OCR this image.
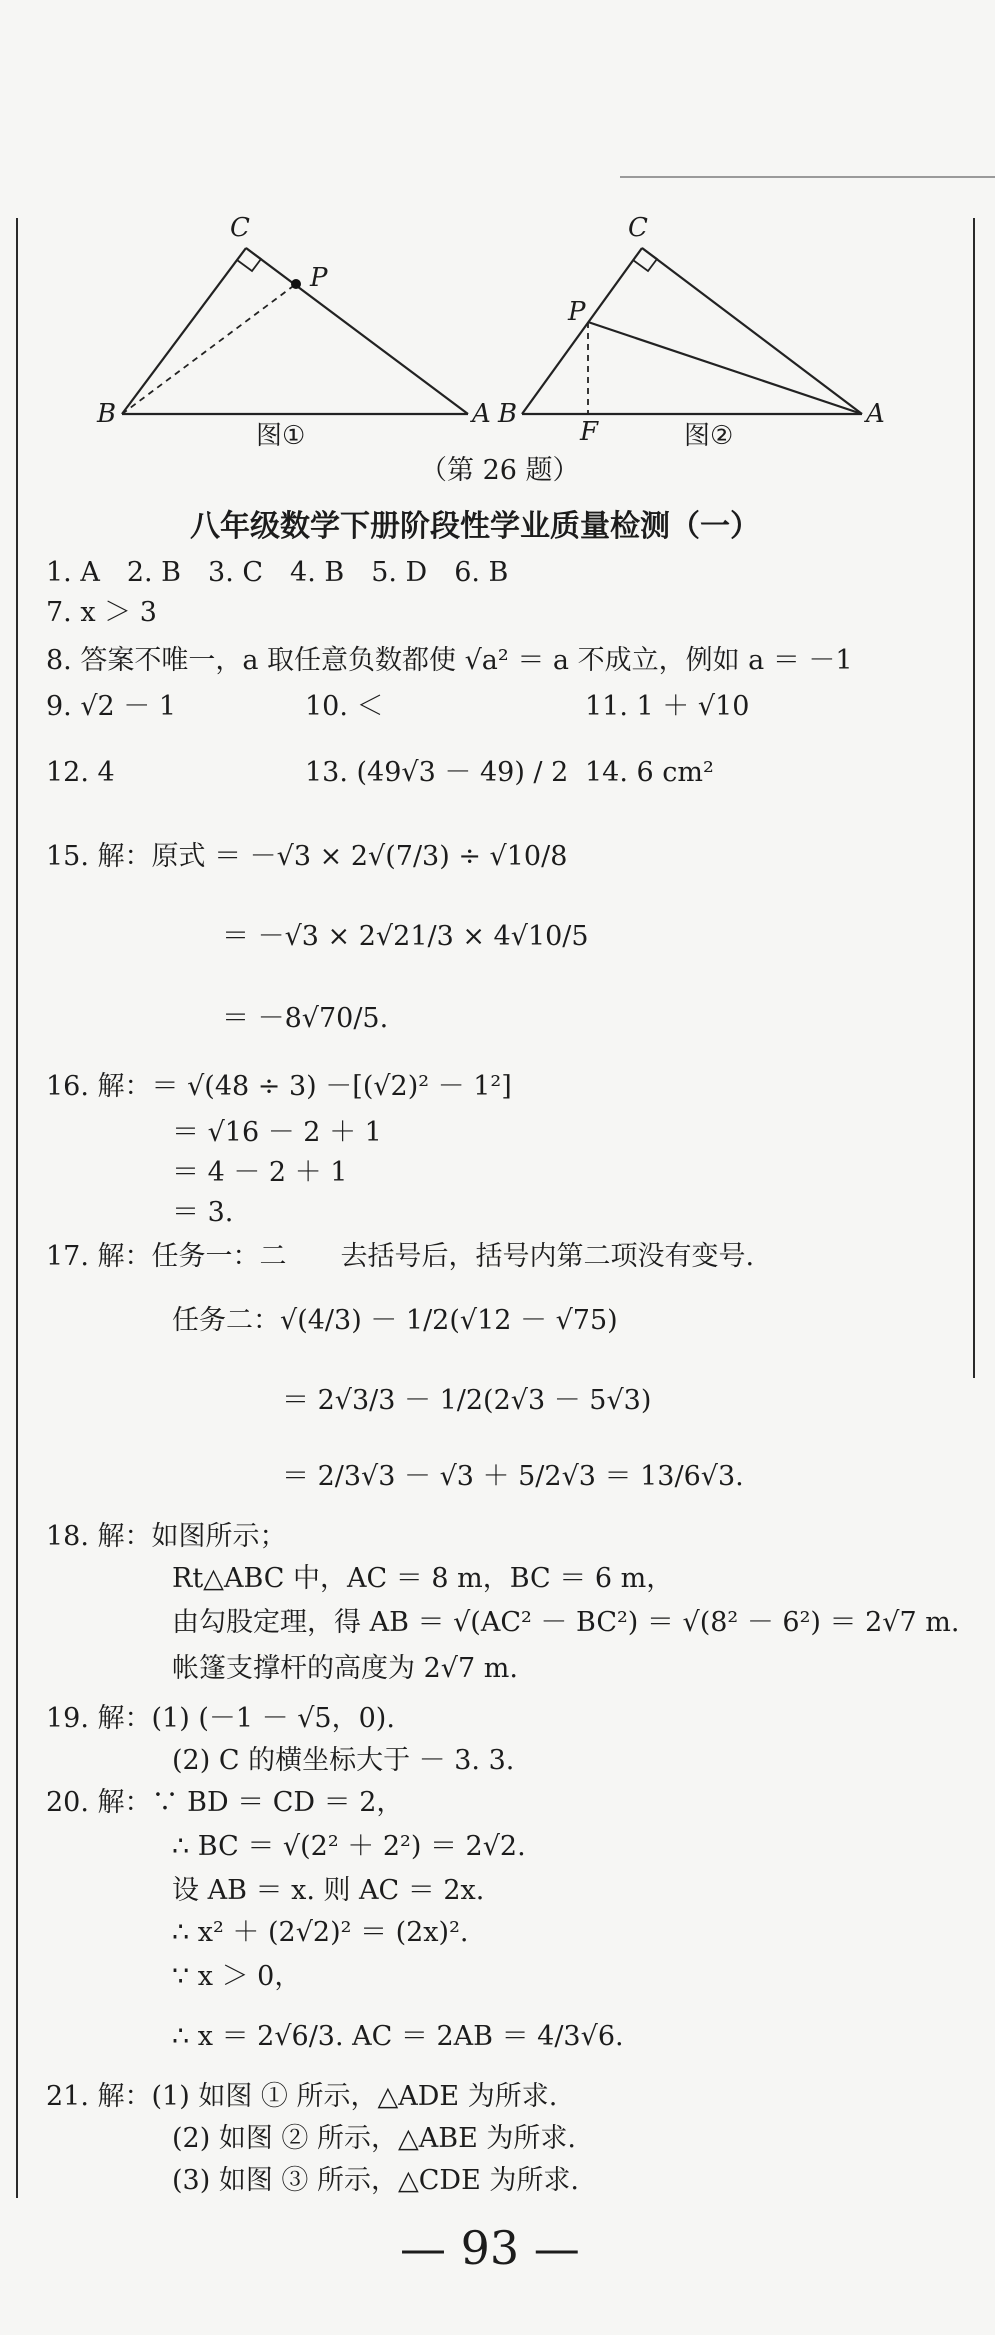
C
P
B	A
图①
C
P
B
F
A
图②
（第 26 题）
八年级数学下册阶段性学业质量检测（一）
1. A　2. B　3. C　4. B　5. D　6. B
7. x ＞ 3
8. 答案不唯一，a 取任意负数都使 √a² ＝ a 不成立，例如 a ＝ －1
9. √2 － 1	10. ＜	11. 1 ＋ √10
12. 4	13. (49√3 － 49) / 2 14. 6 cm²
15. 解：原式 ＝ －√3 × 2√(7/3) ÷ √10/8
＝ －√3 × 2√21/3 × 4√10/5
＝ －8√70/5.
16. 解：＝ √(48 ÷ 3) －[(√2)² － 1²]
＝ √16 － 2 ＋ 1
＝ 4 － 2 ＋ 1
＝ 3.
17. 解：任务一：二　　去括号后，括号内第二项没有变号.
任务二：√(4/3) － 1/2(√12 － √75)
＝ 2√3/3 － 1/2(2√3 － 5√3)
＝ 2/3√3 － √3 ＋ 5/2√3 ＝ 13/6√3.
18. 解：如图所示；
Rt△ABC 中，AC ＝ 8 m，BC ＝ 6 m，
由勾股定理，得 AB ＝ √(AC² － BC²) ＝ √(8² － 6²) ＝ 2√7 m.
帐篷支撑杆的高度为 2√7 m.
19. 解：(1) (－1 － √5，0).
(2) C 的横坐标大于 － 3. 3.
20. 解：∵ BD ＝ CD ＝ 2，
∴ BC ＝ √(2² ＋ 2²) ＝ 2√2.
设 AB ＝ x. 则 AC ＝ 2x.
∴ x² ＋ (2√2)² ＝ (2x)².
∵ x ＞ 0，
∴ x ＝ 2√6/3. AC ＝ 2AB ＝ 4/3√6.
21. 解：(1) 如图 ① 所示，△ADE 为所求.
(2) 如图 ② 所示，△ABE 为所求.
(3) 如图 ③ 所示，△CDE 为所求.
— 93 —
